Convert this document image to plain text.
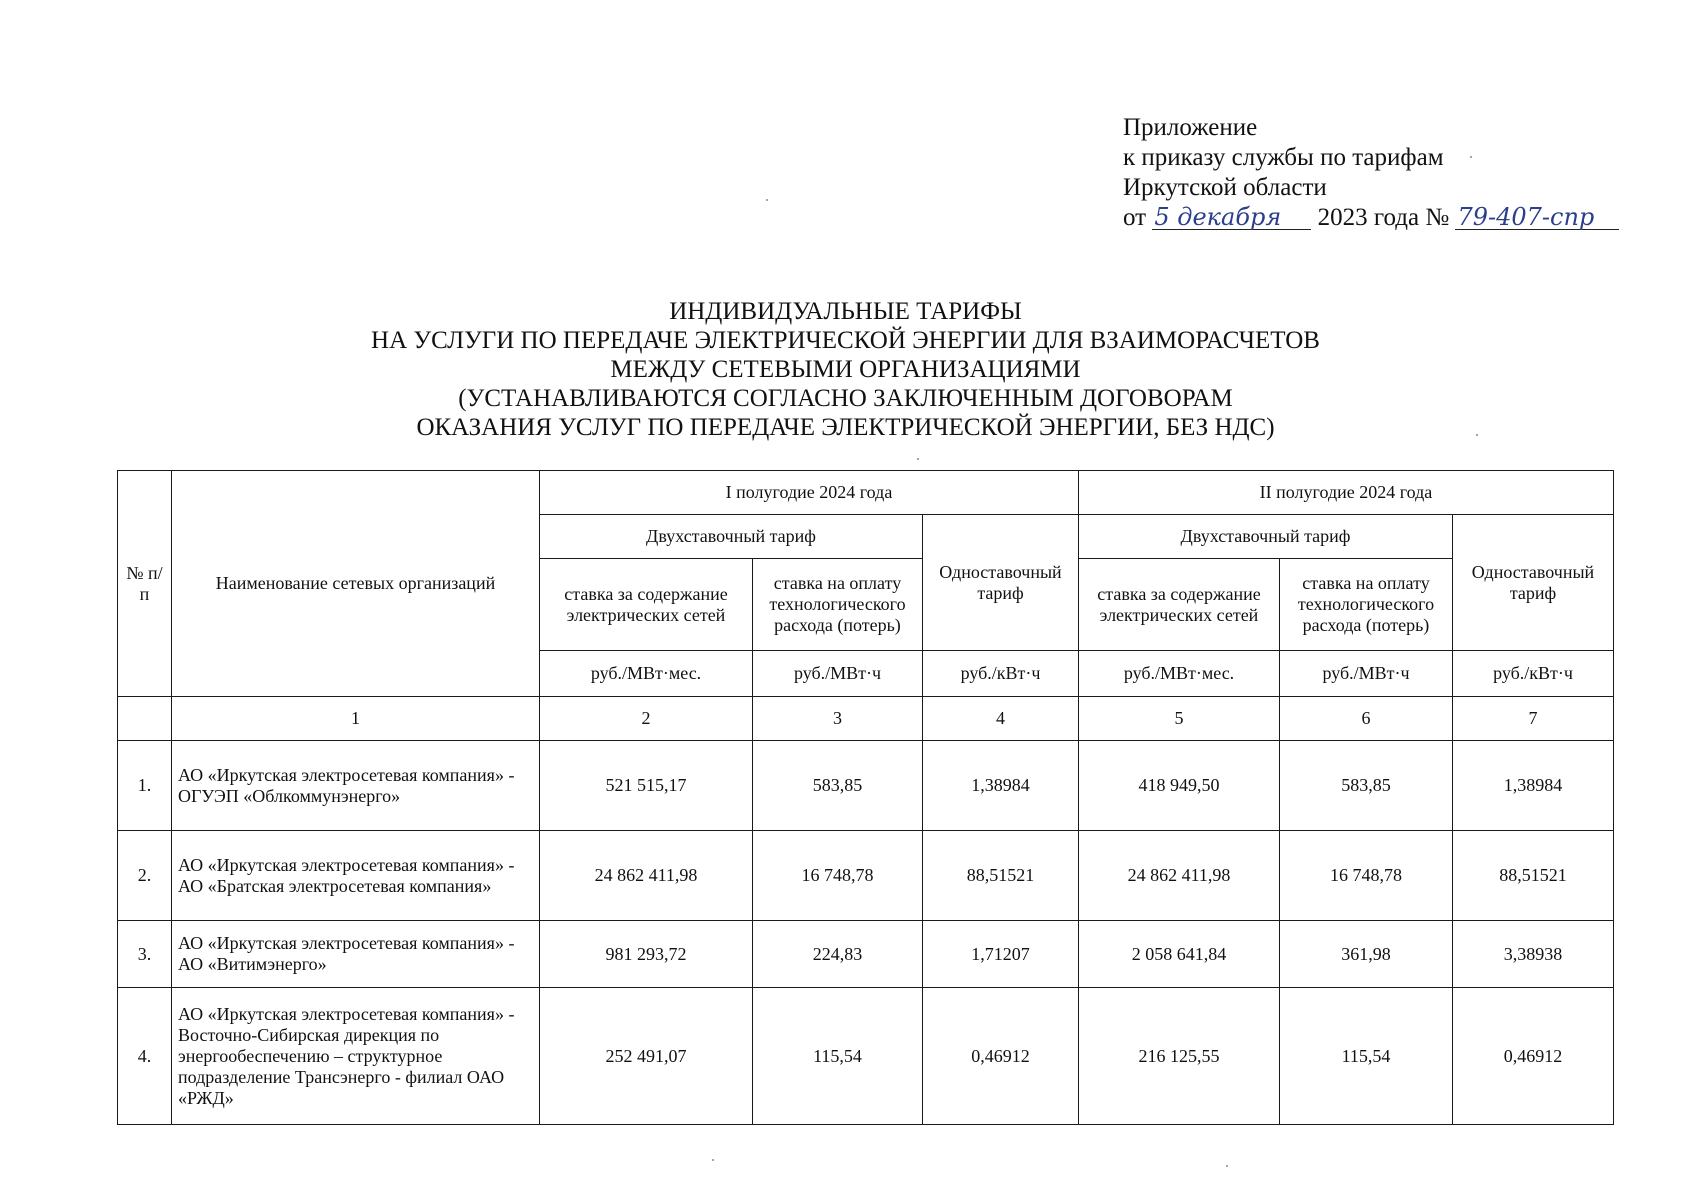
Приложение
к приказу службы по тарифам
Иркутской области
от 5 декабря 2023 года № 79-407-спр
ИНДИВИДУАЛЬНЫЕ ТАРИФЫ
НА УСЛУГИ ПО ПЕРЕДАЧЕ ЭЛЕКТРИЧЕСКОЙ ЭНЕРГИИ ДЛЯ ВЗАИМОРАСЧЕТОВ
МЕЖДУ СЕТЕВЫМИ ОРГАНИЗАЦИЯМИ
(УСТАНАВЛИВАЮТСЯ СОГЛАСНО ЗАКЛЮЧЕННЫМ ДОГОВОРАМ
ОКАЗАНИЯ УСЛУГ ПО ПЕРЕДАЧЕ ЭЛЕКТРИЧЕСКОЙ ЭНЕРГИИ, БЕЗ НДС)
№ п/п	Наименование сетевых организаций	I полугодие 2024 года			II полугодие 2024 года		
		Двухставочный тариф		Одноставочный тариф	Двухставочный тариф		Одноставочный тариф
		ставка за содержание электрических сетей	ставка на оплату технологического расхода (потерь)		ставка за содержание электрических сетей	ставка на оплату технологического расхода (потерь)	
		руб./МВт·мес.	руб./МВт·ч	руб./кВт·ч	руб./МВт·мес.	руб./МВт·ч	руб./кВт·ч
	1	2	3	4	5	6	7
1.	АО «Иркутская электросетевая компания» - ОГУЭП «Облкоммунэнерго»	521 515,17	583,85	1,38984	418 949,50	583,85	1,38984
2.	АО «Иркутская электросетевая компания» - АО «Братская электросетевая компания»	24 862 411,98	16 748,78	88,51521	24 862 411,98	16 748,78	88,51521
3.	АО «Иркутская электросетевая компания» - АО «Витимэнерго»	981 293,72	224,83	1,71207	2 058 641,84	361,98	3,38938
4.	АО «Иркутская электросетевая компания» - Восточно-Сибирская дирекция по энергообеспечению – структурное подразделение Трансэнерго - филиал ОАО «РЖД»	252 491,07	115,54	0,46912	216 125,55	115,54	0,46912
